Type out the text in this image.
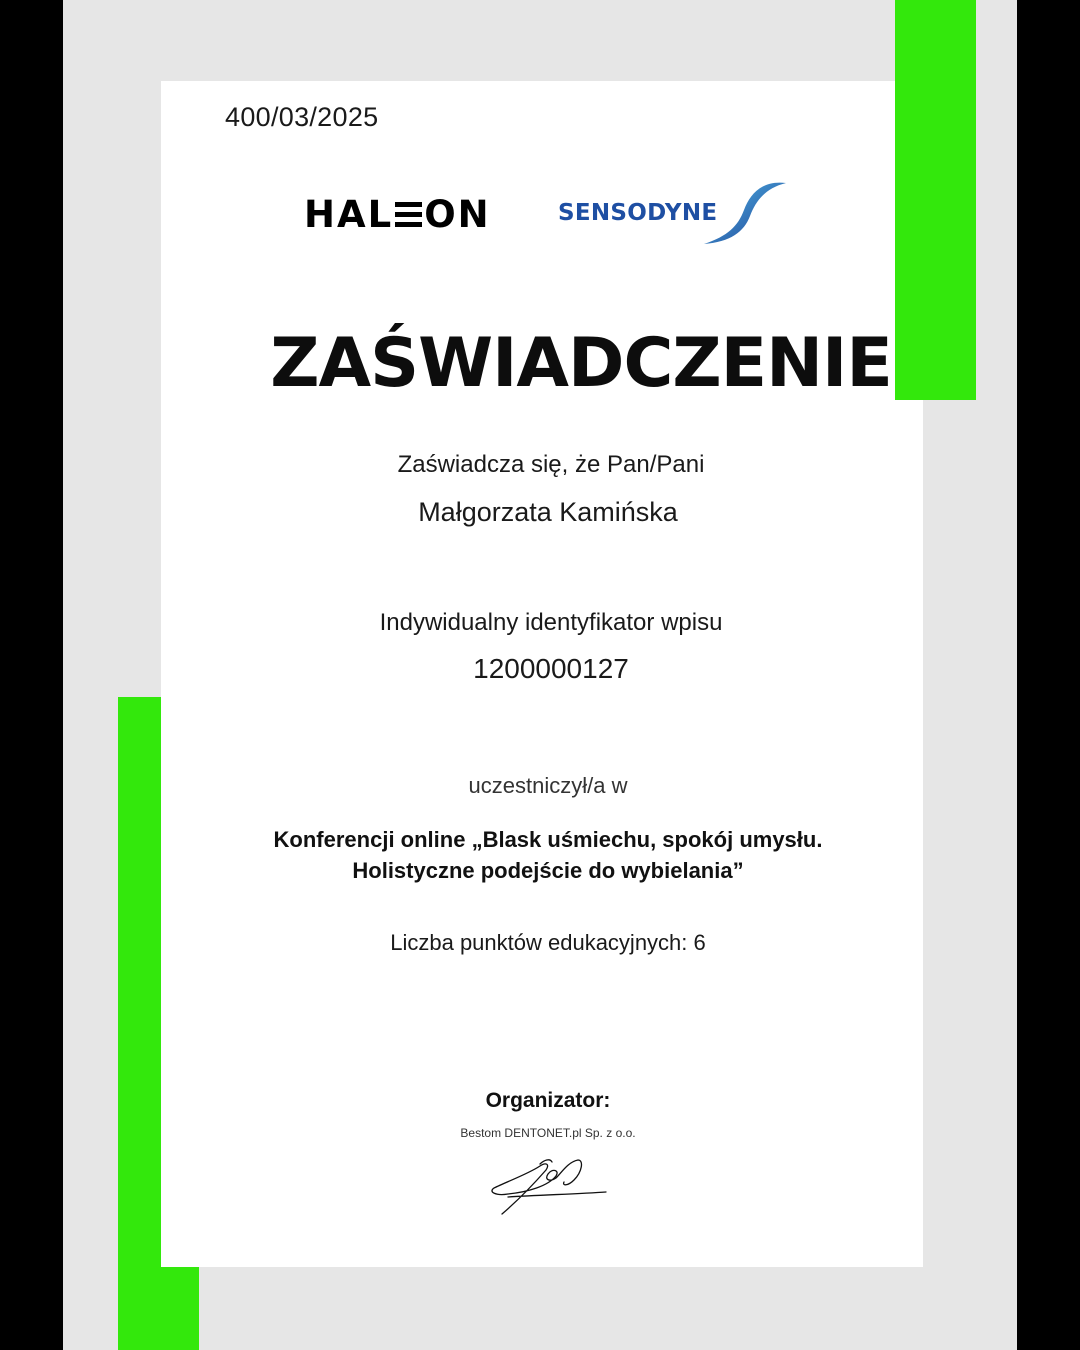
400/03/2025
HAL ON	SENSODYNE
ZAŚWIADCZENIE
Zaświadcza się, że Pan/Pani
Małgorzata Kamińska
Indywidualny identyfikator wpisu
1200000127
uczestniczył/a w
Konferencji online „Blask uśmiechu, spokój umysłu.
Holistyczne podejście do wybielania”
Liczba punktów edukacyjnych: 6
Organizator:
Bestom DENTONET.pl Sp. z o.o.
